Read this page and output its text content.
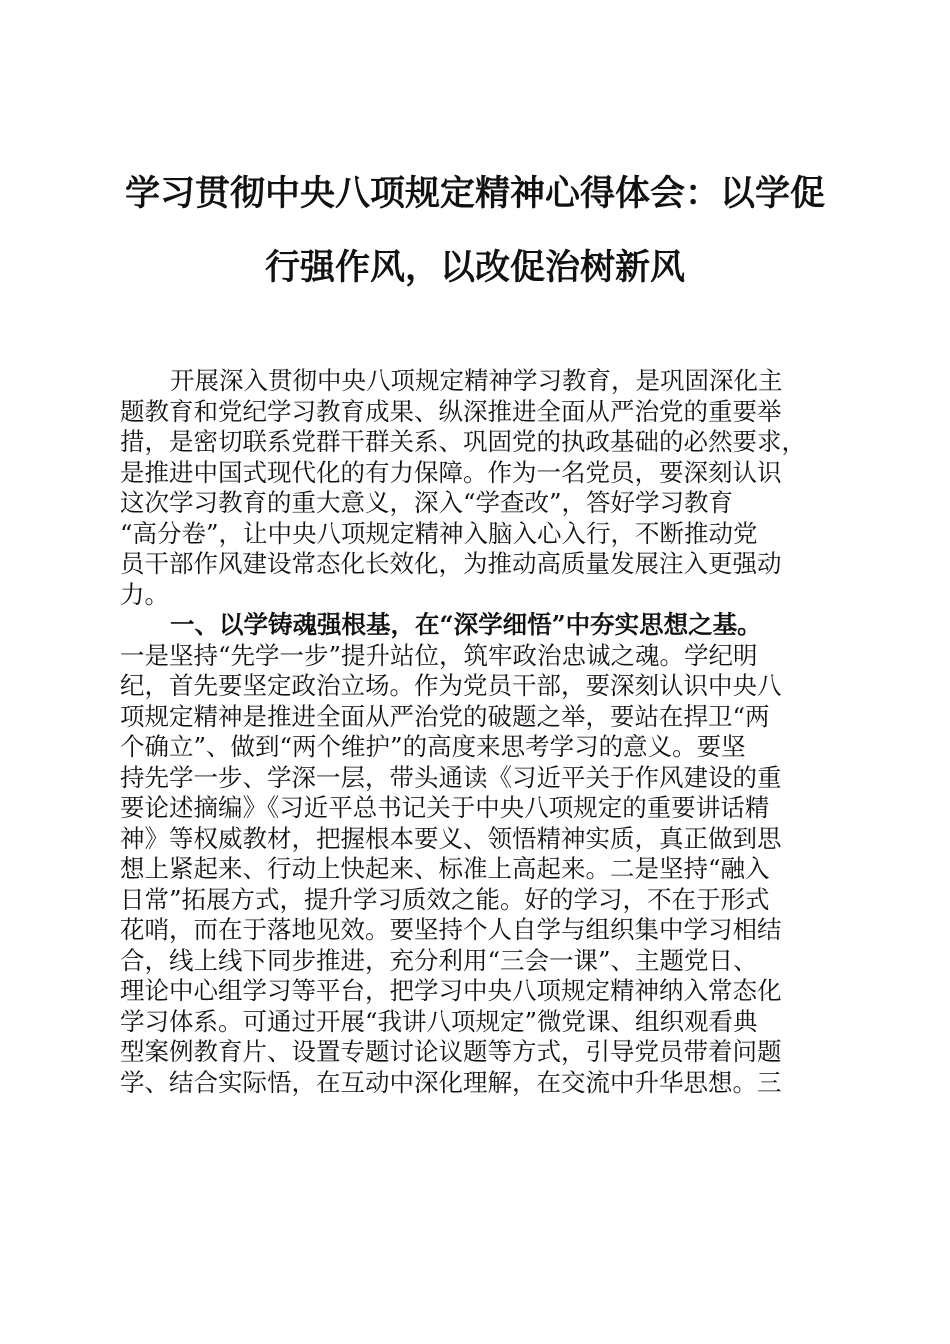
学习贯彻中央八项规定精神心得体会：以学促
行强作风，以改促治树新风
开展深入贯彻中央八项规定精神学习教育，是巩固深化主
题教育和党纪学习教育成果、纵深推进全面从严治党的重要举
措，是密切联系党群干群关系、巩固党的执政基础的必然要求，
是推进中国式现代化的有力保障。作为一名党员，要深刻认识
这次学习教育的重大意义，深入“学查改”，答好学习教育
“高分卷”，让中央八项规定精神入脑入心入行，不断推动党
员干部作风建设常态化长效化，为推动高质量发展注入更强动
力。
一、以学铸魂强根基，在“深学细悟”中夯实思想之基。
一是坚持“先学一步”提升站位，筑牢政治忠诚之魂。学纪明
纪，首先要坚定政治立场。作为党员干部，要深刻认识中央八
项规定精神是推进全面从严治党的破题之举，要站在捍卫“两
个确立”、做到“两个维护”的高度来思考学习的意义。要坚
持先学一步、学深一层，带头通读《习近平关于作风建设的重
要论述摘编》《习近平总书记关于中央八项规定的重要讲话精
神》等权威教材，把握根本要义、领悟精神实质，真正做到思
想上紧起来、行动上快起来、标准上高起来。二是坚持“融入
日常”拓展方式，提升学习质效之能。好的学习，不在于形式
花哨，而在于落地见效。要坚持个人自学与组织集中学习相结
合，线上线下同步推进，充分利用“三会一课”、主题党日、
理论中心组学习等平台，把学习中央八项规定精神纳入常态化
学习体系。可通过开展“我讲八项规定”微党课、组织观看典
型案例教育片、设置专题讨论议题等方式，引导党员带着问题
学、结合实际悟，在互动中深化理解，在交流中升华思想。三
